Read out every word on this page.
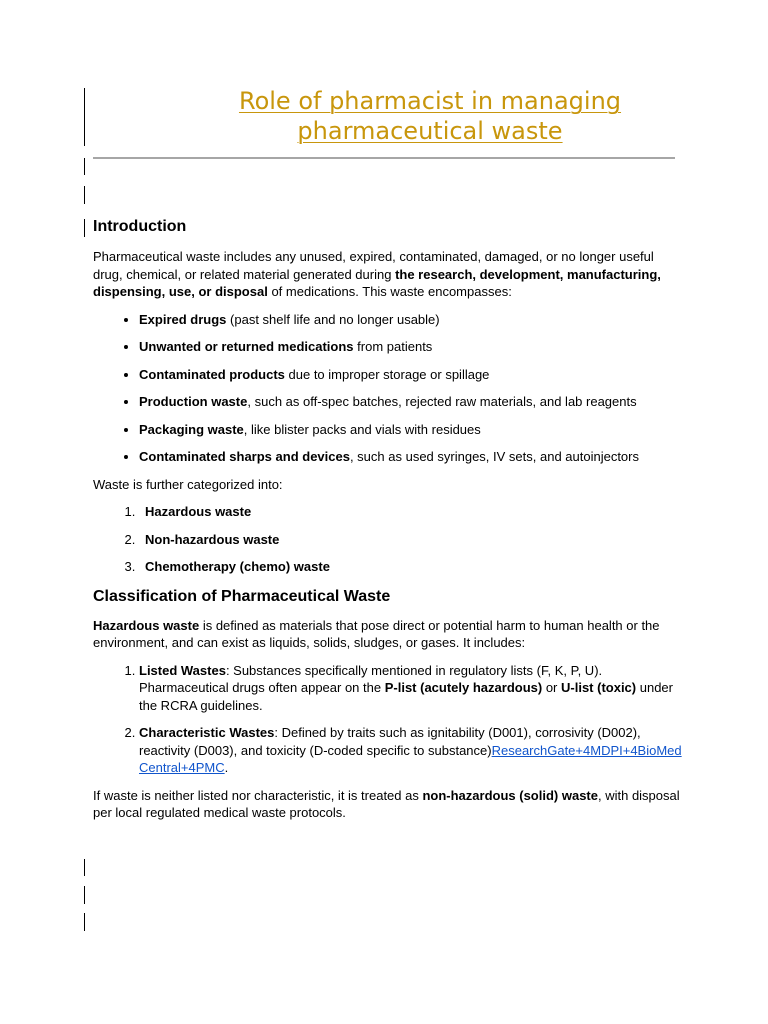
Role of pharmacist in managing
pharmaceutical waste
Introduction

Pharmaceutical waste includes any unused, expired, contaminated, damaged, or no longer useful drug, chemical, or related material generated during the research, development, manufacturing, dispensing, use, or disposal of medications. This waste encompasses:

• Expired drugs (past shelf life and no longer usable)
• Unwanted or returned medications from patients
• Contaminated products due to improper storage or spillage
• Production waste, such as off-spec batches, rejected raw materials, and lab reagents
• Packaging waste, like blister packs and vials with residues
• Contaminated sharps and devices, such as used syringes, IV sets, and autoinjectors

Waste is further categorized into:

1. Hazardous waste
2. Non-hazardous waste
3. Chemotherapy (chemo) waste
Classification of Pharmaceutical Waste

Hazardous waste is defined as materials that pose direct or potential harm to human health or the environment, and can exist as liquids, solids, sludges, or gases. It includes:

1. Listed Wastes: Substances specifically mentioned in regulatory lists (F, K, P, U). Pharmaceutical drugs often appear on the P-list (acutely hazardous) or U-list (toxic) under the RCRA guidelines.
2. Characteristic Wastes: Defined by traits such as ignitability (D001), corrosivity (D002), reactivity (D003), and toxicity (D-coded specific to substance)ResearchGate+4MDPI+4BioMed Central+4PMC.

If waste is neither listed nor characteristic, it is treated as non-hazardous (solid) waste, with disposal per local regulated medical waste protocols.
